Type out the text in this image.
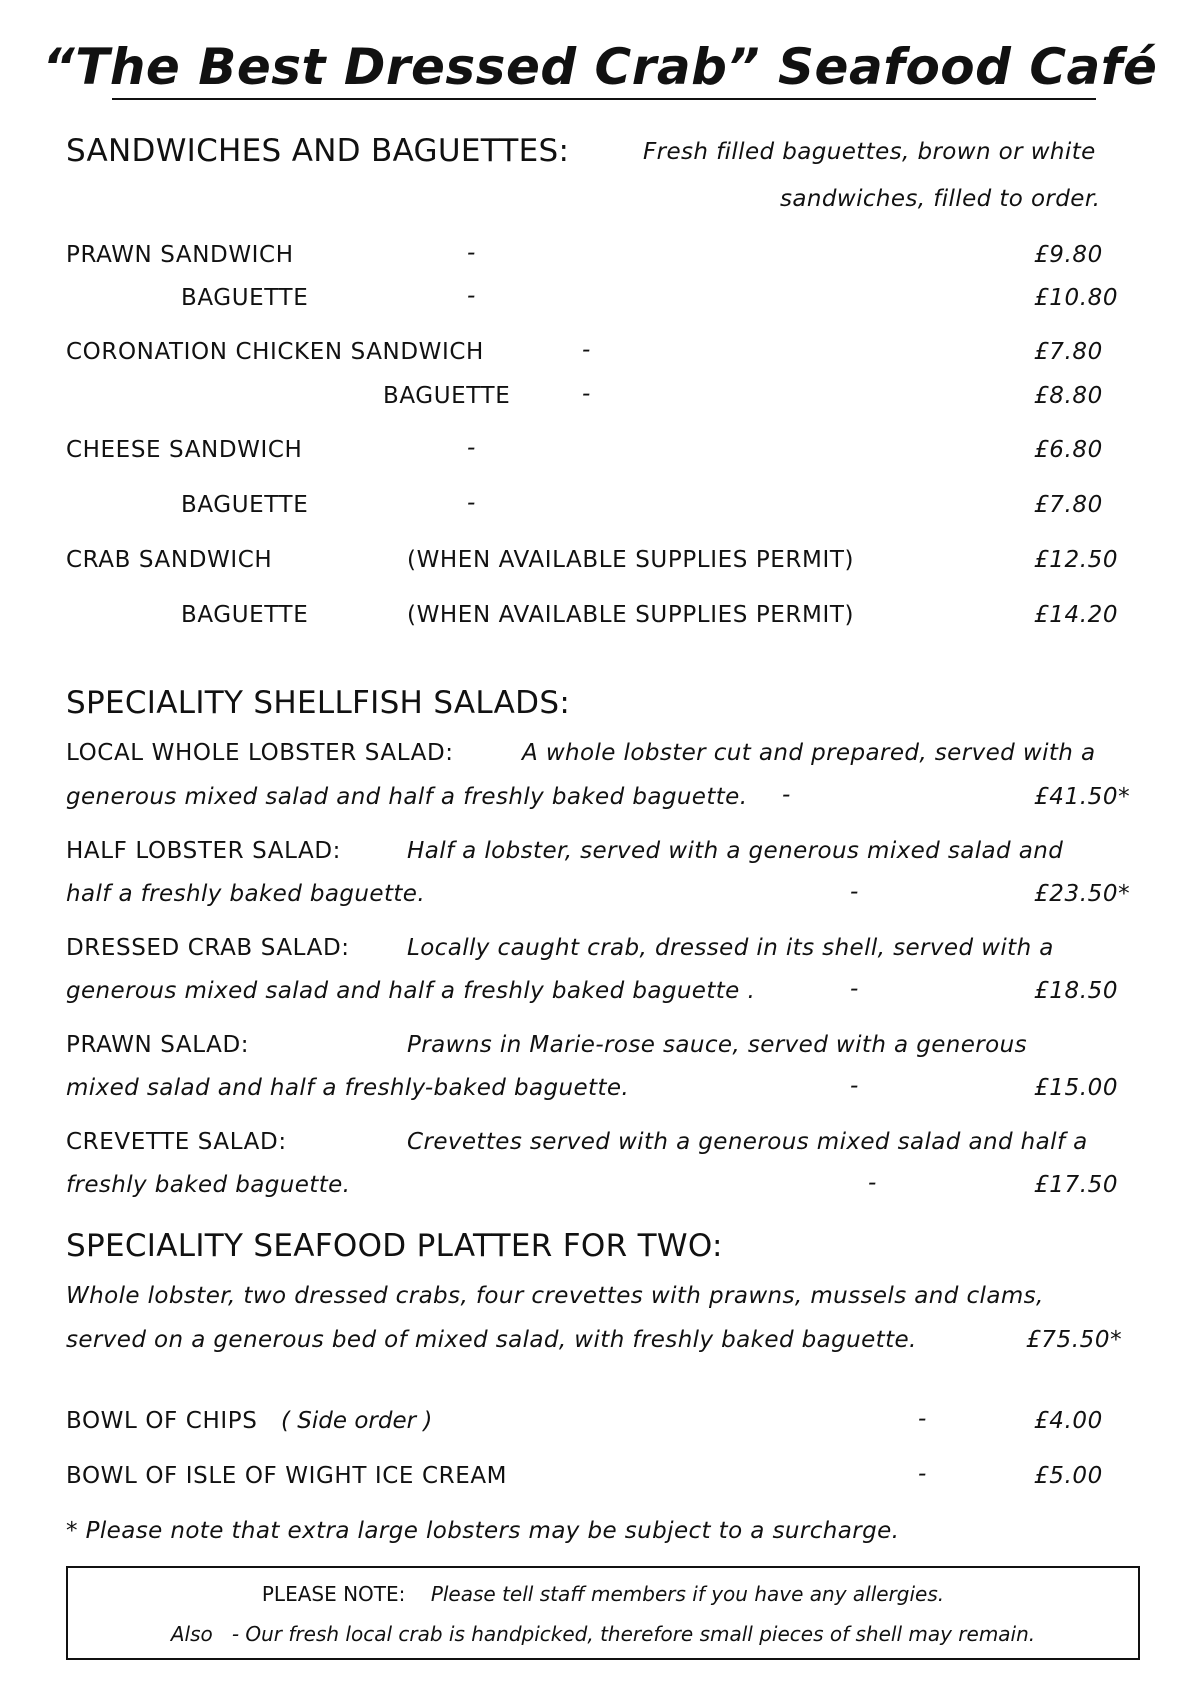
“The Best Dressed Crab” Seafood Café
SANDWICHES AND BAGUETTES:	Fresh filled baguettes, brown or white
sandwiches, filled to order.
PRAWN SANDWICH	-	£9.80
BAGUETTE	-	£10.80
CORONATION CHICKEN SANDWICH	-	£7.80
BAGUETTE	-	£8.80
CHEESE SANDWICH	-	£6.80
BAGUETTE	-	£7.80
CRAB SANDWICH	(WHEN AVAILABLE SUPPLIES PERMIT)	£12.50
BAGUETTE	(WHEN AVAILABLE SUPPLIES PERMIT)	£14.20
SPECIALITY SHELLFISH SALADS:
LOCAL WHOLE LOBSTER SALAD:	A whole lobster cut and prepared, served with a
generous mixed salad and half a freshly baked baguette. -	£41.50*
HALF LOBSTER SALAD:	Half a lobster, served with a generous mixed salad and
half a freshly baked baguette.	-	£23.50*
DRESSED CRAB SALAD: Locally caught crab, dressed in its shell, served with a
generous mixed salad and half a freshly baked baguette .	-	£18.50
PRAWN SALAD:	Prawns in Marie-rose sauce, served with a generous
mixed salad and half a freshly-baked baguette.	-	£15.00
CREVETTE SALAD:	Crevettes served with a generous mixed salad and half a
freshly baked baguette.	-	£17.50
SPECIALITY SEAFOOD PLATTER FOR TWO:
Whole lobster, two dressed crabs, four crevettes with prawns, mussels and clams,
served on a generous bed of mixed salad, with freshly baked baguette.	£75.50*
BOWL OF CHIPS ( Side order )	-	£4.00
BOWL OF ISLE OF WIGHT ICE CREAM	-	£5.00
* Please note that extra large lobsters may be subject to a surcharge.
PLEASE NOTE: Please tell staff members if you have any allergies.
Also - Our fresh local crab is handpicked, therefore small pieces of shell may remain.
